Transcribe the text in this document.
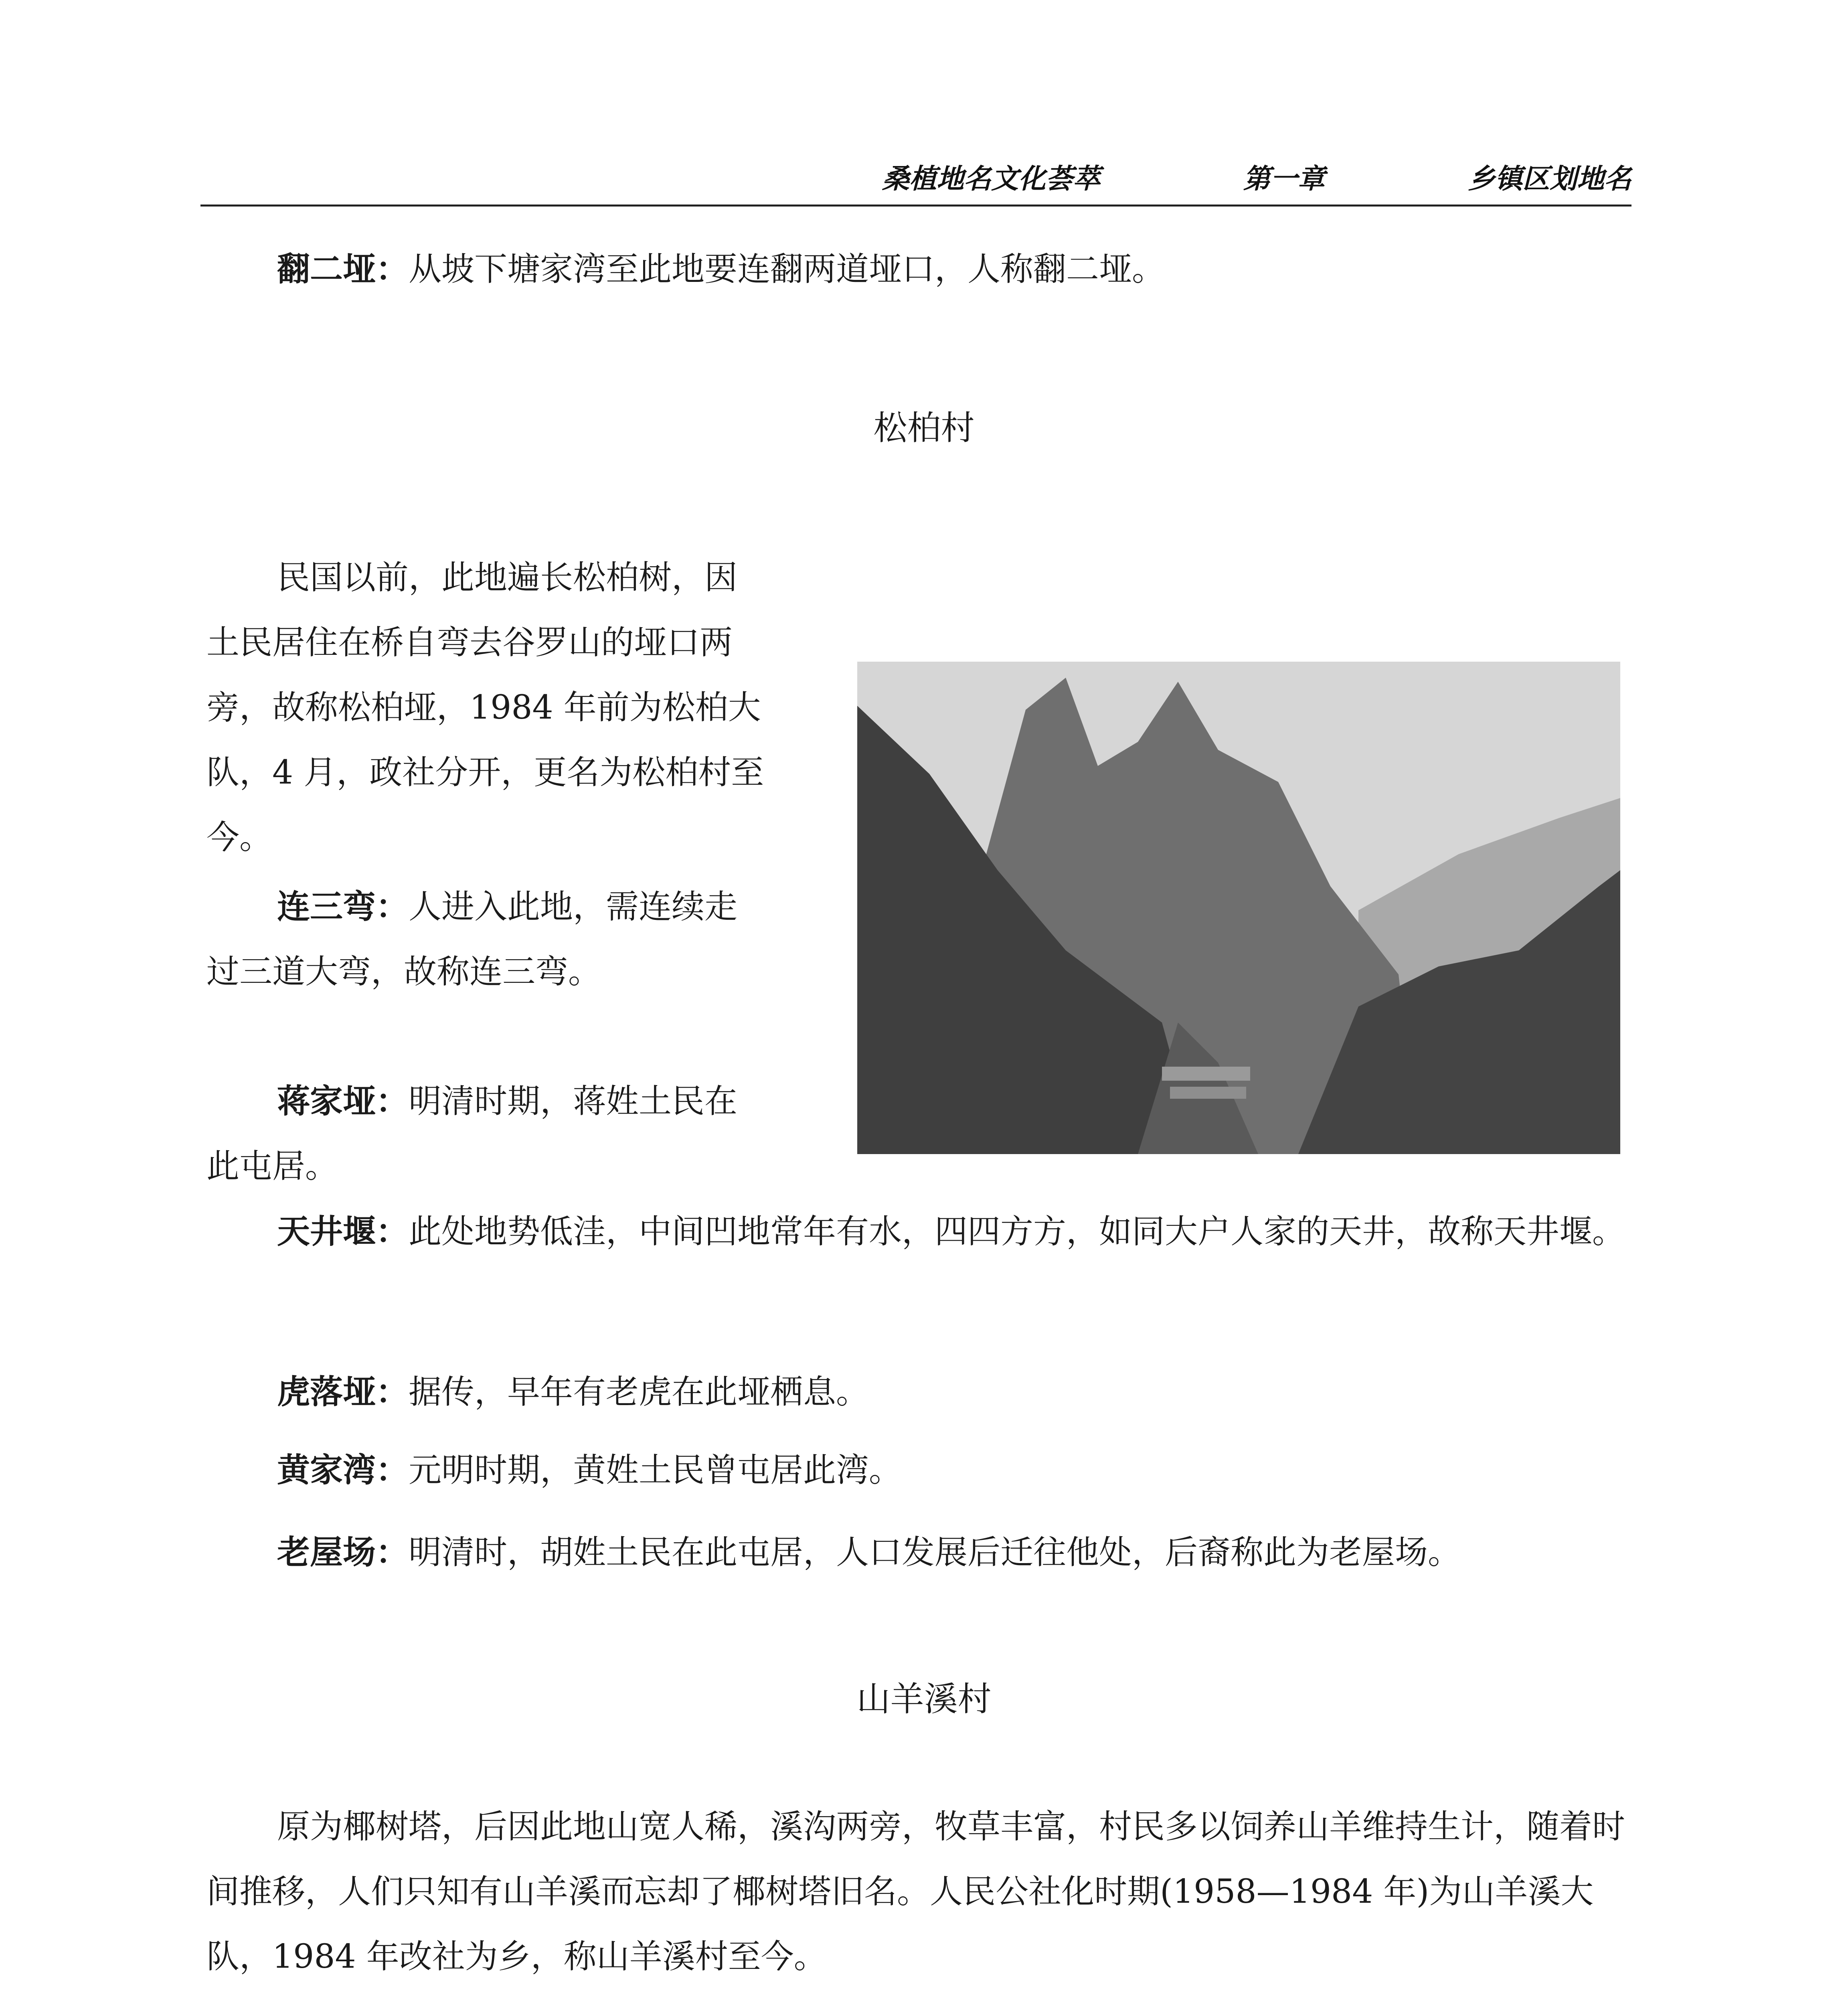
桑植地名文化荟萃	第一章	乡镇区划地名

翻二垭：从坡下塘家湾至此地要连翻两道垭口，人称翻二垭。

松柏村
民国以前，此地遍长松柏树，因
土民居住在桥自弯去谷罗山的垭口两
旁，故称松柏垭，1984 年前为松柏大
队，4 月，政社分开，更名为松柏村至
今。
连三弯：人进入此地，需连续走
过三道大弯，故称连三弯。
蒋家垭：明清时期，蒋姓土民在
此屯居。

天井堰：此处地势低洼，中间凹地常年有水，四四方方，如同大户人家的天井，故称天井堰。

虎落垭：据传，早年有老虎在此垭栖息。

黄家湾：元明时期，黄姓土民曾屯居此湾。

老屋场：明清时，胡姓土民在此屯居，人口发展后迁往他处，后裔称此为老屋场。

山羊溪村

原为椰树塔，后因此地山宽人稀，溪沟两旁，牧草丰富，村民多以饲养山羊维持生计，随着时间推移，人们只知有山羊溪而忘却了椰树塔旧名。人民公社化时期(1958—1984 年)为山羊溪大队，1984 年改社为乡，称山羊溪村至今。
